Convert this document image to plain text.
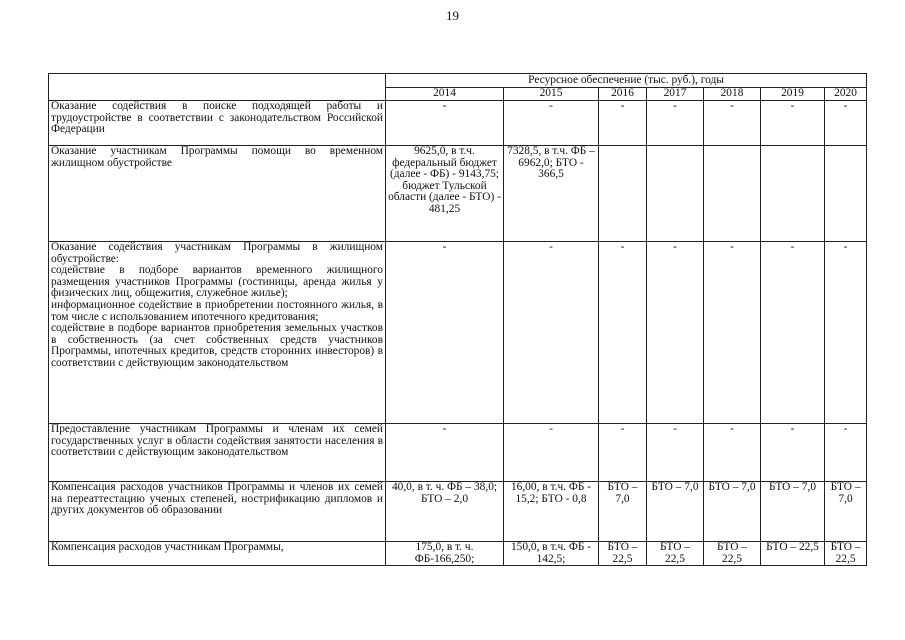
19
	Ресурсное обеспечение (тыс. руб.), годы						
	2014	2015	2016	2017	2018	2019	2020

Оказание содействия в поиске подходящей работы и трудоустройстве в соответствии с законодательством Российской Федерации	-	-	-	-	-	-	-

Оказание участникам Программы помощи во временном жилищном обустройстве	9625,0, в т.ч. федеральный бюджет (далее - ФБ) - 9143,75; бюджет Тульской области (далее - БТО) - 481,25	7328,5, в т.ч. ФБ – 6962,0; БТО - 366,5					

Оказание содействия участникам Программы в жилищном обустройстве:
содействие в подборе вариантов временного жилищного размещения участников Программы (гостиницы, аренда жилья у физических лиц, общежития, служебное жилье);
информационное содействие в приобретении постоянного жилья, в том числе с использованием ипотечного кредитования;
содействие в подборе вариантов приобретения земельных участков в собственность (за счет собственных средств участников Программы, ипотечных кредитов, средств сторонних инвесторов) в соответствии с действующим законодательством	-	-	-	-	-	-	-

Предоставление участникам Программы и членам их семей государственных услуг в области содействия занятости населения в соответствии с действующим законодательством	-	-	-	-	-	-	-

Компенсация расходов участников Программы и членов их семей на переаттестацию ученых степеней, нострификацию дипломов и других документов об образовании	40,0, в т. ч. ФБ – 38,0; БТО – 2,0	16,00, в т.ч. ФБ - 15,2; БТО - 0,8	БТО – 7,0	БТО – 7,0	БТО – 7,0	БТО – 7,0	БТО – 7,0

Компенсация расходов участникам Программы,	175,0, в т. ч. ФБ-166,250;	150,0, в т.ч. ФБ - 142,5;	БТО – 22,5	БТО – 22,5	БТО – 22,5	БТО – 22,5	БТО – 22,5
